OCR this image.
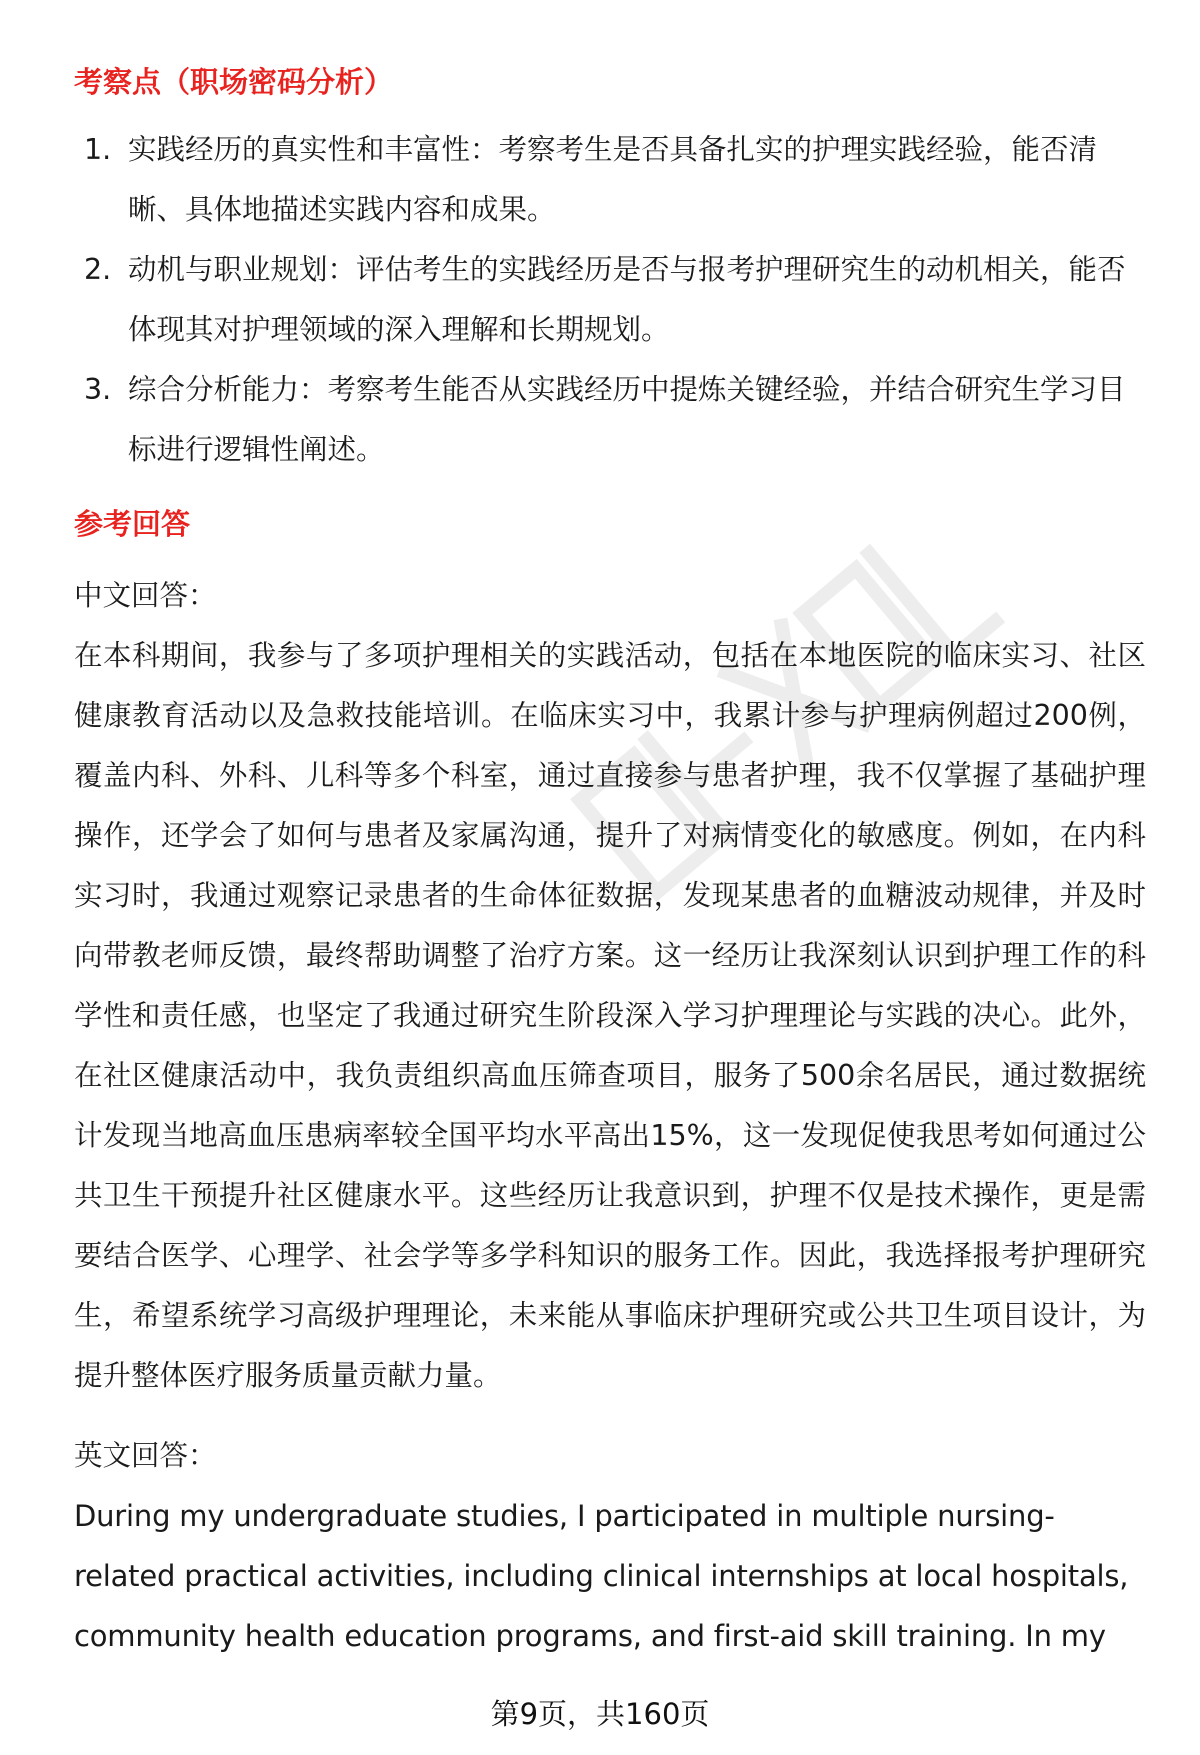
考察点（职场密码分析）
1. 实践经历的真实性和丰富性：考察考生是否具备扎实的护理实践经验，能否清晰、具体地描述实践内容和成果。
2. 动机与职业规划：评估考生的实践经历是否与报考护理研究生的动机相关，能否体现其对护理领域的深入理解和长期规划。
3. 综合分析能力：考察考生能否从实践经历中提炼关键经验，并结合研究生学习目标进行逻辑性阐述。
参考回答

中文回答：

在本科期间，我参与了多项护理相关的实践活动，包括在本地医院的临床实习、社区健康教育活动以及急救技能培训。在临床实习中，我累计参与护理病例超过200例，覆盖内科、外科、儿科等多个科室，通过直接参与患者护理，我不仅掌握了基础护理操作，还学会了如何与患者及家属沟通，提升了对病情变化的敏感度。例如，在内科实习时，我通过观察记录患者的生命体征数据，发现某患者的血糖波动规律，并及时向带教老师反馈，最终帮助调整了治疗方案。这一经历让我深刻认识到护理工作的科学性和责任感，也坚定了我通过研究生阶段深入学习护理理论与实践的决心。此外，在社区健康活动中，我负责组织高血压筛查项目，服务了500余名居民，通过数据统计发现当地高血压患病率较全国平均水平高出15%，这一发现促使我思考如何通过公共卫生干预提升社区健康水平。这些经历让我意识到，护理不仅是技术操作，更是需要结合医学、心理学、社会学等多学科知识的服务工作。因此，我选择报考护理研究生，希望系统学习高级护理理论，未来能从事临床护理研究或公共卫生项目设计，为提升整体医疗服务质量贡献力量。

英文回答：

During my undergraduate studies, I participated in multiple nursing-related practical activities, including clinical internships at local hospitals, community health education programs, and first-aid skill training. In my

第9页，共160页
